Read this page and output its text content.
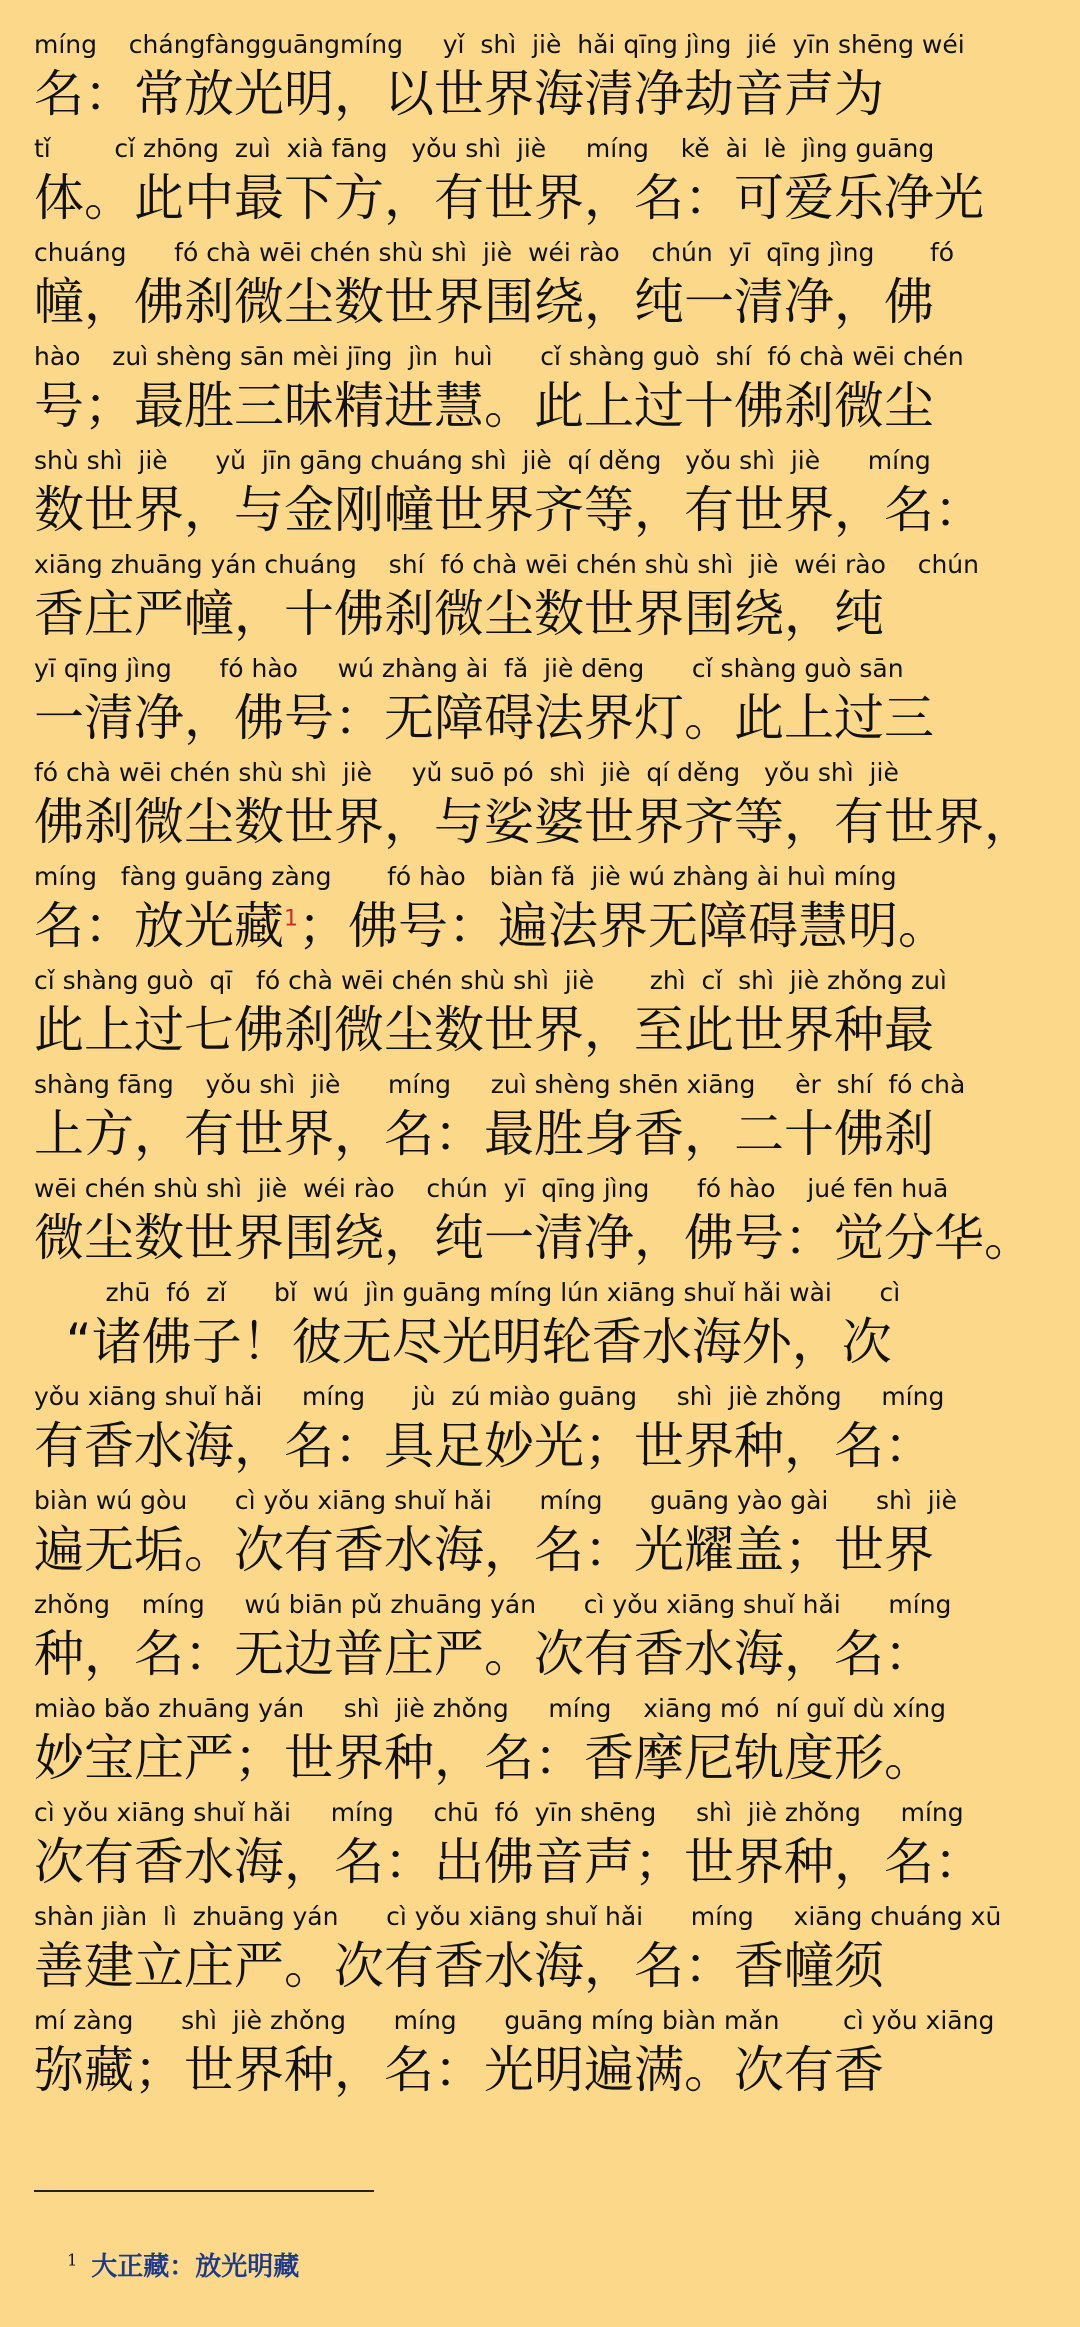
míng    chángfàngguāngmíng     yǐ  shì  jiè  hǎi qīng jìng  jié  yīn shēng wéi
名：常放光明，以世界海清净劫音声为
tǐ        cǐ zhōng  zuì  xià fāng   yǒu shì  jiè     míng    kě  ài  lè  jìng guāng
体。此中最下方，有世界，名：可爱乐净光
chuáng      fó chà wēi chén shù shì  jiè  wéi rào    chún  yī  qīng jìng       fó
幢，佛刹微尘数世界围绕，纯一清净，佛
hào    zuì shèng sān mèi jīng  jìn  huì      cǐ shàng guò  shí  fó chà wēi chén
号；最胜三昧精进慧。此上过十佛刹微尘
shù shì  jiè      yǔ  jīn gāng chuáng shì  jiè  qí děng   yǒu shì  jiè      míng
数世界，与金刚幢世界齐等，有世界，名：
xiāng zhuāng yán chuáng    shí  fó chà wēi chén shù shì  jiè  wéi rào    chún
香庄严幢，十佛刹微尘数世界围绕，纯
yī qīng jìng      fó hào     wú zhàng ài  fǎ  jiè dēng      cǐ shàng guò sān
一清净，佛号：无障碍法界灯。此上过三
fó chà wēi chén shù shì  jiè     yǔ suō pó  shì  jiè  qí děng   yǒu shì  jiè
佛刹微尘数世界，与娑婆世界齐等，有世界，
míng   fàng guāng zàng       fó hào   biàn fǎ  jiè wú zhàng ài huì míng
名：放光藏$^1$；佛号：遍法界无障碍慧明。
cǐ shàng guò  qī   fó chà wēi chén shù shì  jiè       zhì  cǐ  shì  jiè zhǒng zuì
此上过七佛刹微尘数世界，至此世界种最
shàng fāng    yǒu shì  jiè      míng     zuì shèng shēn xiāng     èr  shí  fó chà
上方，有世界，名：最胜身香，二十佛刹
wēi chén shù shì  jiè  wéi rào    chún  yī  qīng jìng      fó hào    jué fēn huā
微尘数世界围绕，纯一清净，佛号：觉分华。
zhū  fó  zǐ      bǐ  wú  jìn guāng míng lún xiāng shuǐ hǎi wài      cì
“诸佛子！彼无尽光明轮香水海外，次
yǒu xiāng shuǐ hǎi     míng      jù  zú miào guāng     shì  jiè zhǒng     míng
有香水海，名：具足妙光；世界种，名：
biàn wú gòu      cì yǒu xiāng shuǐ hǎi      míng      guāng yào gài      shì  jiè
遍无垢。次有香水海，名：光耀盖；世界
zhǒng    míng     wú biān pǔ zhuāng yán      cì yǒu xiāng shuǐ hǎi      míng
种，名：无边普庄严。次有香水海，名：
miào bǎo zhuāng yán     shì  jiè zhǒng     míng    xiāng mó  ní guǐ dù xíng
妙宝庄严；世界种，名：香摩尼轨度形。
cì yǒu xiāng shuǐ hǎi     míng     chū  fó  yīn shēng     shì  jiè zhǒng     míng
次有香水海，名：出佛音声；世界种，名：
shàn jiàn  lì  zhuāng yán      cì yǒu xiāng shuǐ hǎi      míng     xiāng chuáng xū
善建立庄严。次有香水海，名：香幢须
mí zàng      shì  jiè zhǒng      míng      guāng míng biàn mǎn        cì yǒu xiāng
弥藏；世界种，名：光明遍满。次有香

$^1$ 大正藏：放光明藏
